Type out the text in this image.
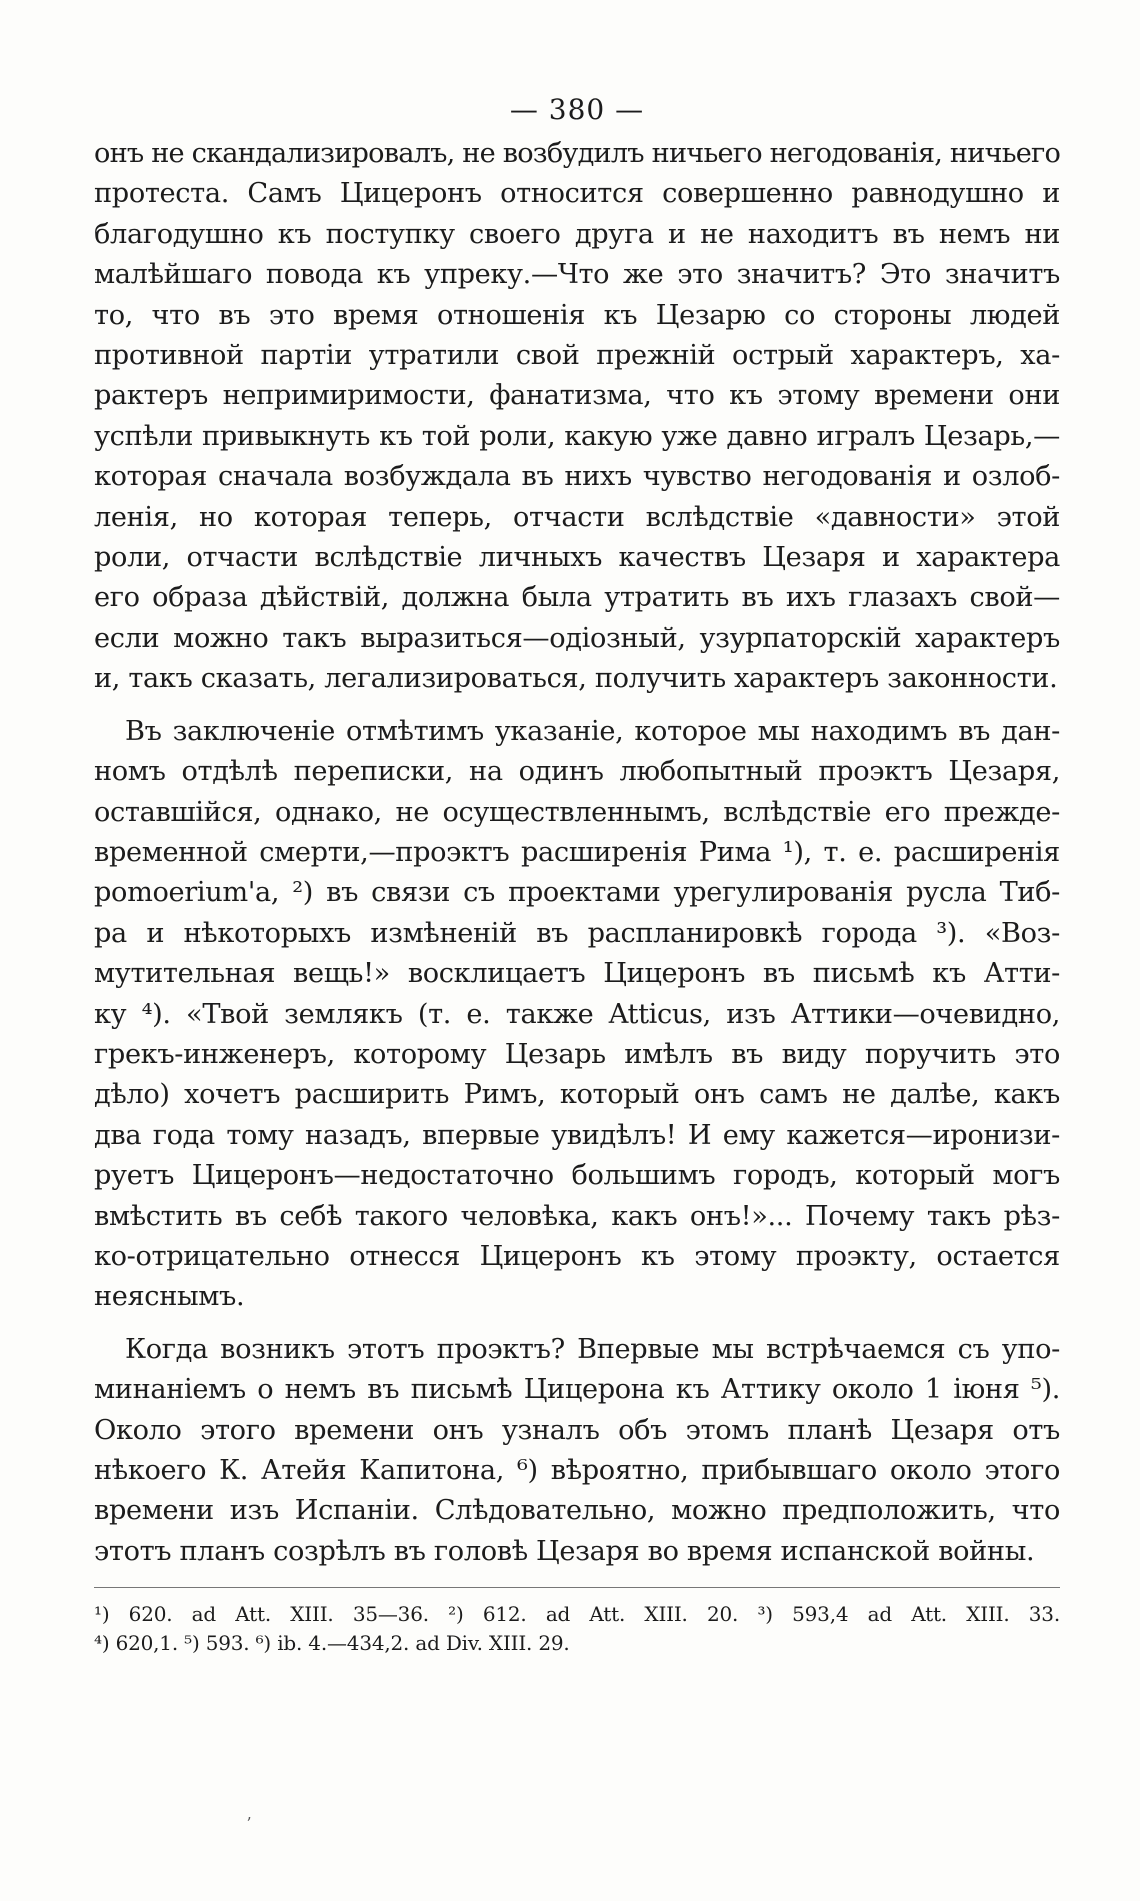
— 380 —
онъ не скандализировалъ, не возбудилъ ничьего негодованія, ничьего
протеста. Самъ Цицеронъ относится совершенно равнодушно и
благодушно къ поступку своего друга и не находитъ въ немъ ни
малѣйшаго повода къ упреку.—Что же это значитъ? Это значитъ
то, что въ это время отношенія къ Цезарю со стороны людей
противной партіи утратили свой прежній острый характеръ, ха-
рактеръ непримиримости, фанатизма, что къ этому времени они
успѣли привыкнуть къ той роли, какую уже давно игралъ Цезарь,—
которая сначала возбуждала въ нихъ чувство негодованія и озлоб-
ленія, но которая теперь, отчасти вслѣдствіе «давности» этой
роли, отчасти вслѣдствіе личныхъ качествъ Цезаря и характера
его образа дѣйствій, должна была утратить въ ихъ глазахъ свой—
если можно такъ выразиться—одіозный, узурпаторскій характеръ
и, такъ сказать, легализироваться, получить характеръ законности.
Въ заключеніе отмѣтимъ указаніе, которое мы находимъ въ дан-
номъ отдѣлѣ переписки, на одинъ любопытный проэктъ Цезаря,
оставшійся, однако, не осуществленнымъ, вслѣдствіе его прежде-
временной смерти,—проэктъ расширенія Рима ¹), т. е. расширенія
pomoerium'а, ²) въ связи съ проектами урегулированія русла Тиб-
ра и нѣкоторыхъ измѣненій въ распланировкѣ города ³). «Воз-
мутительная вещь!» восклицаетъ Цицеронъ въ письмѣ къ Атти-
ку ⁴). «Твой землякъ (т. е. также Atticus, изъ Аттики—очевидно,
грекъ-инженеръ, которому Цезарь имѣлъ въ виду поручить это
дѣло) хочетъ расширить Римъ, который онъ самъ не далѣе, какъ
два года тому назадъ, впервые увидѣлъ! И ему кажется—иронизи-
руетъ Цицеронъ—недостаточно большимъ городъ, который могъ
вмѣстить въ себѣ такого человѣка, какъ онъ!»... Почему такъ рѣз-
ко-отрицательно отнесся Цицеронъ къ этому проэкту, остается
неяснымъ.
Когда возникъ этотъ проэктъ? Впервые мы встрѣчаемся съ упо-
минаніемъ о немъ въ письмѣ Цицерона къ Аттику около 1 іюня ⁵).
Около этого времени онъ узналъ объ этомъ планѣ Цезаря отъ
нѣкоего К. Атейя Капитона, ⁶) вѣроятно, прибывшаго около этого
времени изъ Испаніи. Слѣдовательно, можно предположить, что
этотъ планъ созрѣлъ въ головѣ Цезаря во время испанской войны.
¹) 620. ad Att. XIII. 35—36. ²) 612. ad Att. XIII. 20. ³) 593,4 ad Att. XIII. 33.
⁴) 620,1. ⁵) 593. ⁶) ib. 4.—434,2. ad Div. XIII. 29.
ʼ
